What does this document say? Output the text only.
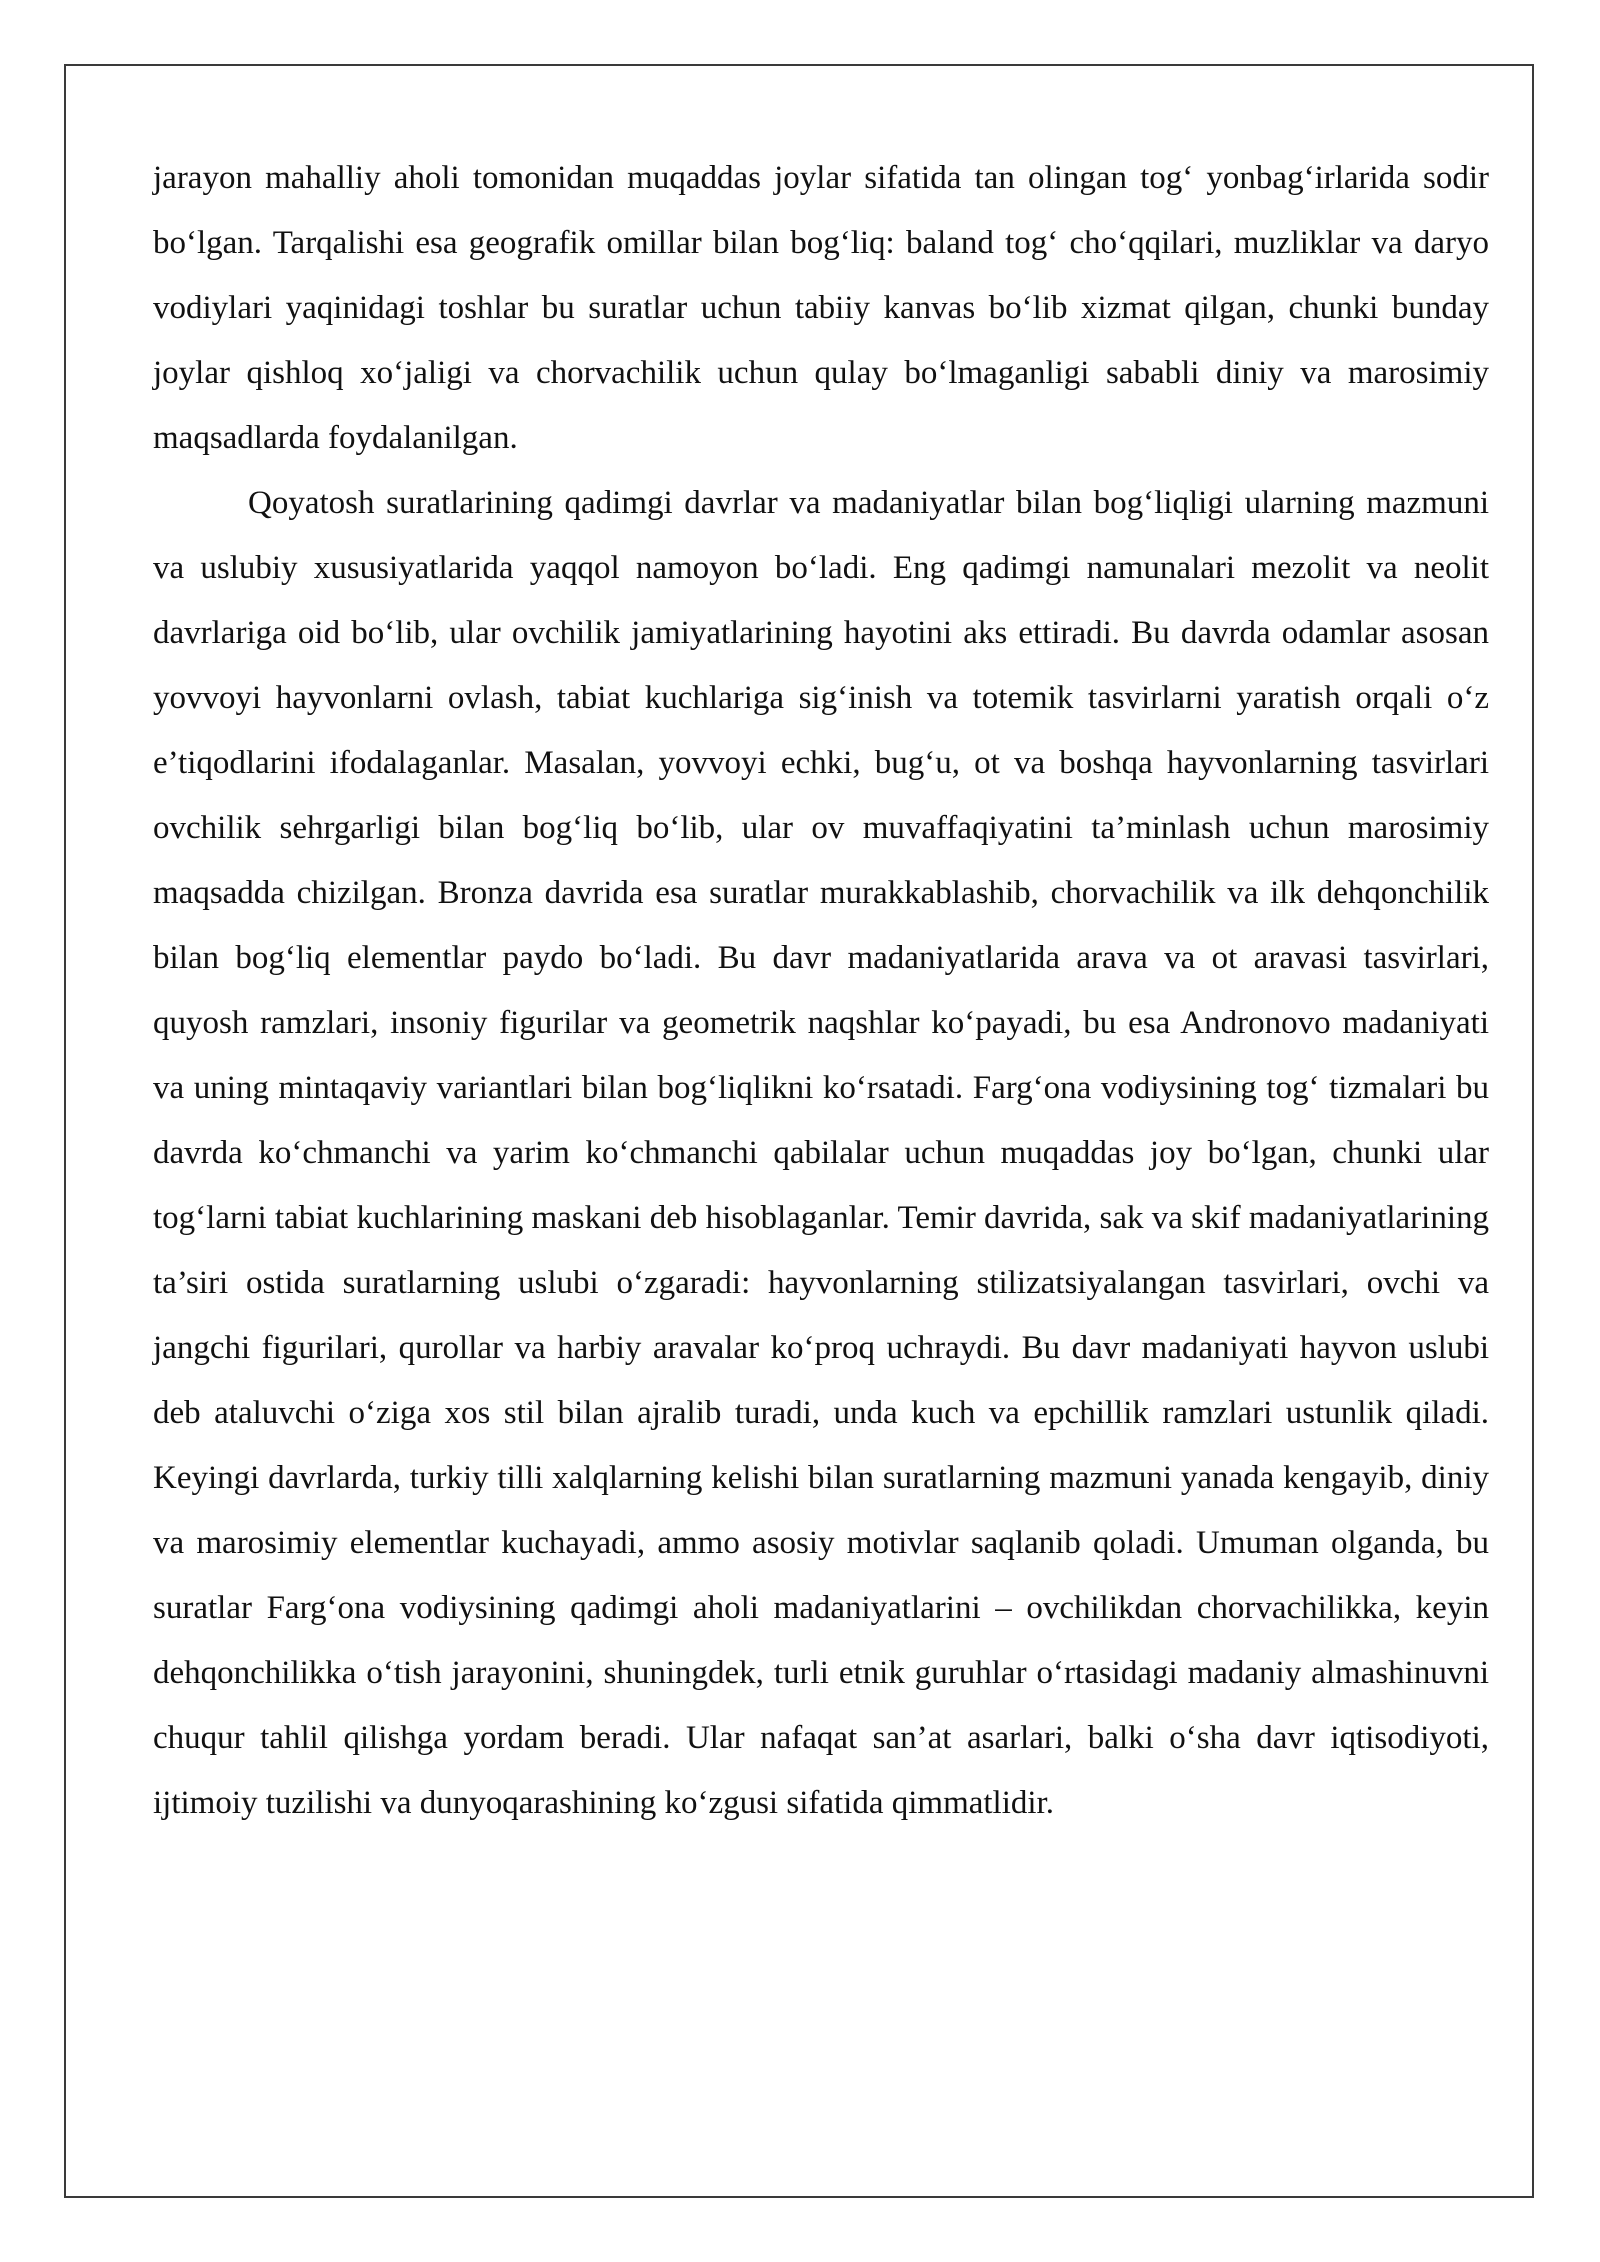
jarayon mahalliy aholi tomonidan muqaddas joylar sifatida tan olingan tog‘ yonbag‘irlarida sodir bo‘lgan. Tarqalishi esa geografik omillar bilan bog‘liq: baland tog‘ cho‘qqilari, muzliklar va daryo vodiylari yaqinidagi toshlar bu suratlar uchun tabiiy kanvas bo‘lib xizmat qilgan, chunki bunday joylar qishloq xo‘jaligi va chorvachilik uchun qulay bo‘lmaganligi sababli diniy va marosimiy maqsadlarda foydalanilgan.

Qoyatosh suratlarining qadimgi davrlar va madaniyatlar bilan bog‘liqligi ularning mazmuni va uslubiy xususiyatlarida yaqqol namoyon bo‘ladi. Eng qadimgi namunalari mezolit va neolit davrlariga oid bo‘lib, ular ovchilik jamiyatlarining hayotini aks ettiradi. Bu davrda odamlar asosan yovvoyi hayvonlarni ovlash, tabiat kuchlariga sig‘inish va totemik tasvirlarni yaratish orqali o‘z e’tiqodlarini ifodalaganlar. Masalan, yovvoyi echki, bug‘u, ot va boshqa hayvonlarning tasvirlari ovchilik sehrgarligi bilan bog‘liq bo‘lib, ular ov muvaffaqiyatini ta’minlash uchun marosimiy maqsadda chizilgan. Bronza davrida esa suratlar murakkablashib, chorvachilik va ilk dehqonchilik bilan bog‘liq elementlar paydo bo‘ladi. Bu davr madaniyatlarida arava va ot aravasi tasvirlari, quyosh ramzlari, insoniy figurilar va geometrik naqshlar ko‘payadi, bu esa Andronovo madaniyati va uning mintaqaviy variantlari bilan bog‘liqlikni ko‘rsatadi. Farg‘ona vodiysining tog‘ tizmalari bu davrda ko‘chmanchi va yarim ko‘chmanchi qabilalar uchun muqaddas joy bo‘lgan, chunki ular tog‘larni tabiat kuchlarining maskani deb hisoblaganlar. Temir davrida, sak va skif madaniyatlarining ta’siri ostida suratlarning uslubi o‘zgaradi: hayvonlarning stilizatsiyalangan tasvirlari, ovchi va jangchi figurilari, qurollar va harbiy aravalar ko‘proq uchraydi. Bu davr madaniyati hayvon uslubi deb ataluvchi o‘ziga xos stil bilan ajralib turadi, unda kuch va epchillik ramzlari ustunlik qiladi. Keyingi davrlarda, turkiy tilli xalqlarning kelishi bilan suratlarning mazmuni yanada kengayib, diniy va marosimiy elementlar kuchayadi, ammo asosiy motivlar saqlanib qoladi. Umuman olganda, bu suratlar Farg‘ona vodiysining qadimgi aholi madaniyatlarini – ovchilikdan chorvachilikka, keyin dehqonchilikka o‘tish jarayonini, shuningdek, turli etnik guruhlar o‘rtasidagi madaniy almashinuvni chuqur tahlil qilishga yordam beradi. Ular nafaqat san’at asarlari, balki o‘sha davr iqtisodiyoti, ijtimoiy tuzilishi va dunyoqarashining ko‘zgusi sifatida qimmatlidir.
